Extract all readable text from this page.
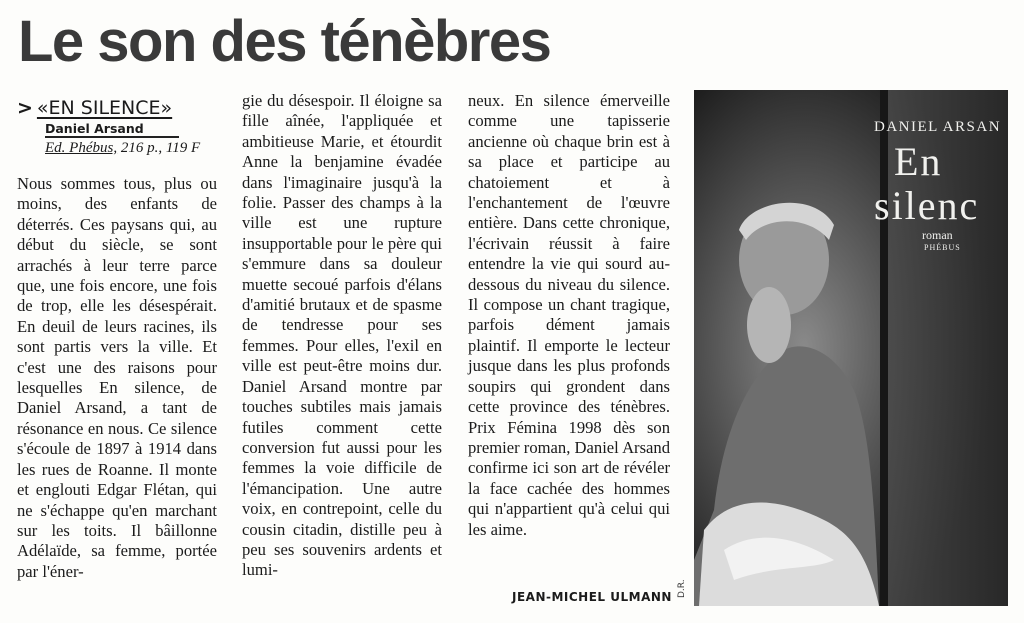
Le son des ténèbres
> «EN SILENCE»
Daniel Arsand
Ed. Phébus, 216 p., 119 F

Nous sommes tous, plus ou moins, des enfants de déterrés. Ces paysans qui, au début du siècle, se sont arrachés à leur terre parce que, une fois encore, une fois de trop, elle les désespérait. En deuil de leurs racines, ils sont partis vers la ville. Et c'est une des raisons pour lesquelles En silence, de Daniel Arsand, a tant de résonance en nous. Ce silence s'écoule de 1897 à 1914 dans les rues de Roanne. Il monte et englouti Edgar Flétan, qui ne s'échappe qu'en marchant sur les toits. Il bâillonne Adélaïde, sa femme, portée par l'éner-

gie du désespoir. Il éloigne sa fille aînée, l'appliquée et ambitieuse Marie, et étourdit Anne la benjamine évadée dans l'imaginaire jusqu'à la folie. Passer des champs à la ville est une rupture insupportable pour le père qui s'emmure dans sa douleur muette secoué parfois d'élans d'amitié brutaux et de spasme de tendresse pour ses femmes. Pour elles, l'exil en ville est peut-être moins dur. Daniel Arsand montre par touches subtiles mais jamais futiles comment cette conversion fut aussi pour les femmes la voie difficile de l'émancipation. Une autre voix, en contrepoint, celle du cousin citadin, distille peu à peu ses souvenirs ardents et lumi-

neux. En silence émerveille comme une tapisserie ancienne où chaque brin est à sa place et participe au chatoiement et à l'enchantement de l'œuvre entière. Dans cette chronique, l'écrivain réussit à faire entendre la vie qui sourd au-dessous du niveau du silence. Il compose un chant tragique, parfois dément jamais plaintif. Il emporte le lecteur jusque dans les plus profonds soupirs qui grondent dans cette province des ténèbres. Prix Fémina 1998 dès son premier roman, Daniel Arsand confirme ici son art de révéler la face cachée des hommes qui n'appartient qu'à celui qui les aime.

JEAN-MICHEL ULMANN D.R.
DANIEL ARSAN
En
silenc
roman
PHÉBUS
